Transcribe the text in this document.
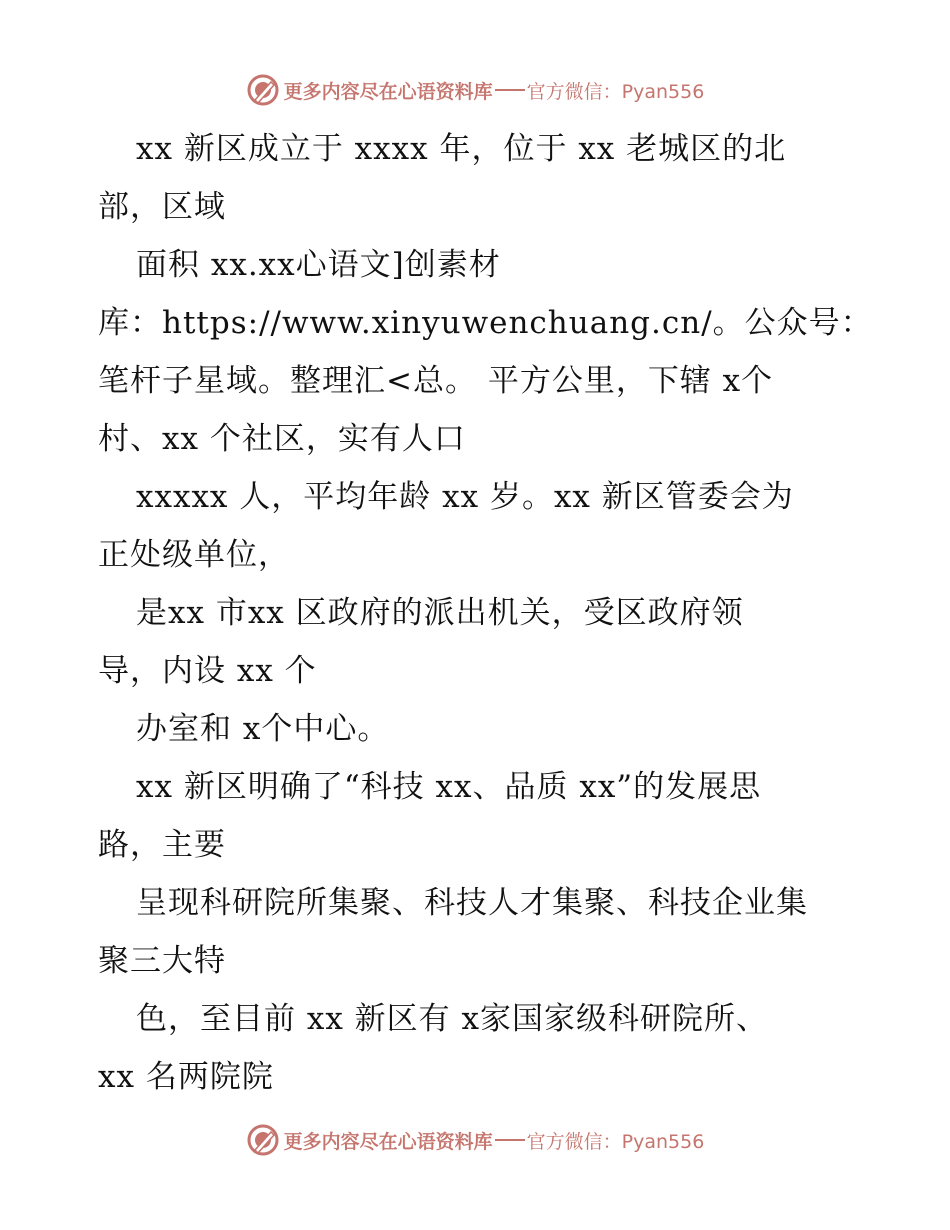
更多内容尽在心语资料库 官方微信：Pyan556
xx 新区成立于 xxxx 年，位于 xx 老城区的北
部，区域
面积 xx.xx心语文]创素材
库：https://www.xinyuwenchuang.cn/。公众号：
笔杆子星域。整理汇<总。 平方公里，下辖 x个
村、xx 个社区，实有人口
xxxxx 人，平均年龄 xx 岁。xx 新区管委会为
正处级单位，
是xx 市xx 区政府的派出机关，受区政府领
导，内设 xx 个
办室和 x个中心。
xx 新区明确了“科技 xx、品质 xx”的发展思
路，主要
呈现科研院所集聚、科技人才集聚、科技企业集
聚三大特
色，至目前 xx 新区有 x家国家级科研院所、
xx 名两院院
更多内容尽在心语资料库 官方微信：Pyan556
